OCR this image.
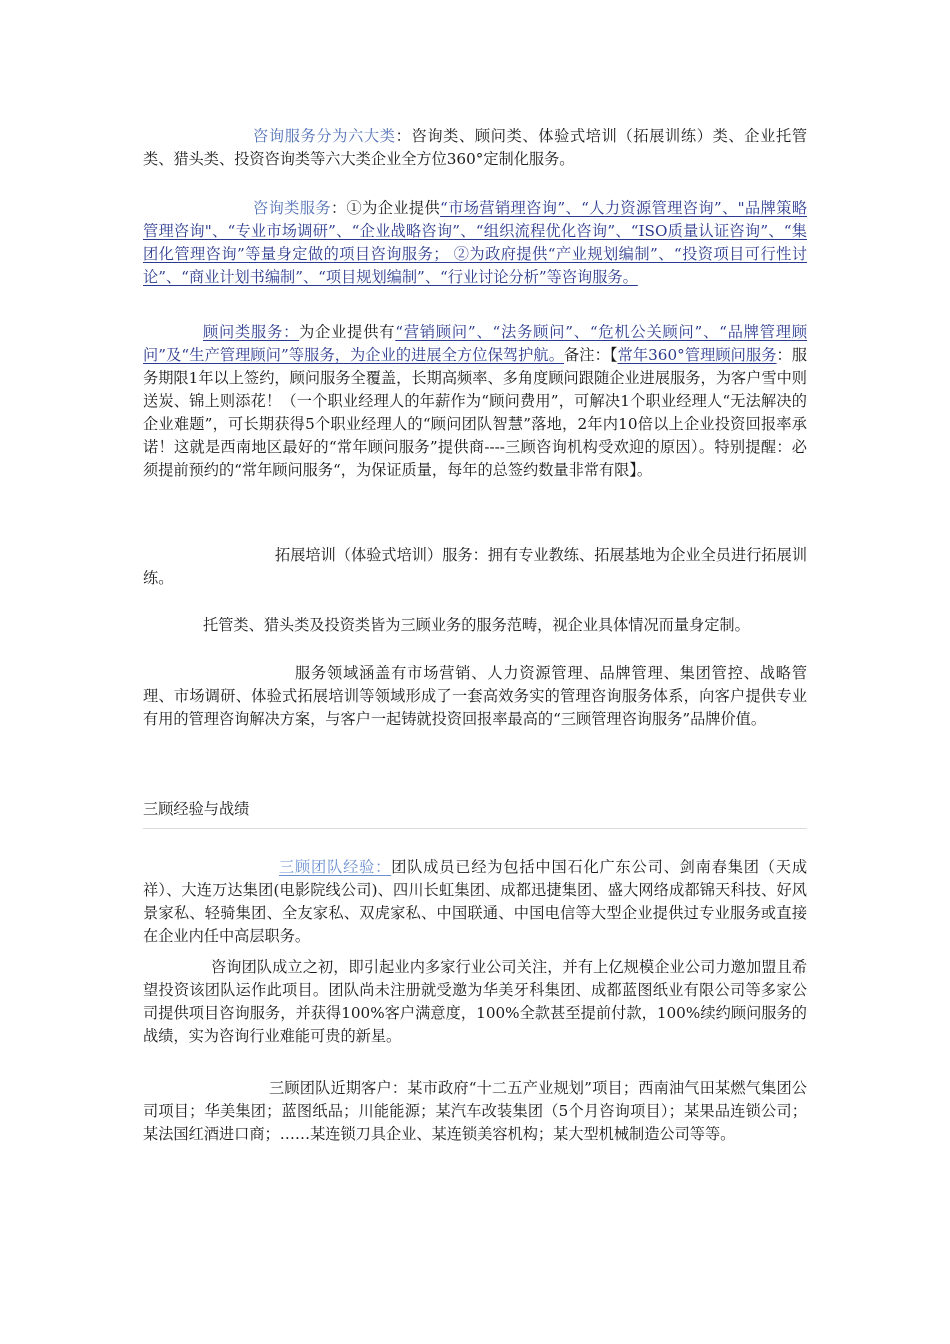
咨询服务分为六大类：咨询类、顾问类、体验式培训（拓展训练）类、企业托管类、猎头类、投资咨询类等六大类企业全方位360°定制化服务。

咨询类服务：①为企业提供“市场营销理咨询”、“人力资源管理咨询”、"品牌策略管理咨询"、“专业市场调研”、“企业战略咨询”、“组织流程优化咨询”、“ISO质量认证咨询”、“集团化管理咨询”等量身定做的项目咨询服务； ②为政府提供“产业规划编制”、“投资项目可行性讨论”、“商业计划书编制”、“项目规划编制”、“行业讨论分析”等咨询服务。

顾问类服务：为企业提供有“营销顾问”、“法务顾问”、“危机公关顾问”、“品牌管理顾问”及“生产管理顾问”等服务，为企业的进展全方位保驾护航。备注：【常年360°管理顾问服务：服务期限1年以上签约，顾问服务全覆盖，长期高频率、多角度顾问跟随企业进展服务，为客户雪中则送炭、锦上则添花！（一个职业经理人的年薪作为“顾问费用”，可解决1个职业经理人“无法解决的企业难题”，可长期获得5个职业经理人的“顾问团队智慧”落地，2年内10倍以上企业投资回报率承诺！这就是西南地区最好的“常年顾问服务”提供商----三顾咨询机构受欢迎的原因）。特别提醒：必须提前预约的“常年顾问服务“，为保证质量，每年的总签约数量非常有限】。

拓展培训（体验式培训）服务：拥有专业教练、拓展基地为企业全员进行拓展训练。

托管类、猎头类及投资类皆为三顾业务的服务范畴，视企业具体情况而量身定制。

服务领域涵盖有市场营销、人力资源管理、品牌管理、集团管控、战略管理、市场调研、体验式拓展培训等领域形成了一套高效务实的管理咨询服务体系，向客户提供专业有用的管理咨询解决方案，与客户一起铸就投资回报率最高的“三顾管理咨询服务”品牌价值。

三顾经验与战绩

三顾团队经验：团队成员已经为包括中国石化广东公司、剑南春集团（天成祥）、大连万达集团(电影院线公司)、四川长虹集团、成都迅捷集团、盛大网络成都锦天科技、好风景家私、轻骑集团、全友家私、双虎家私、中国联通、中国电信等大型企业提供过专业服务或直接在企业内任中高层职务。

咨询团队成立之初，即引起业内多家行业公司关注，并有上亿规模企业公司力邀加盟且希望投资该团队运作此项目。团队尚未注册就受邀为华美牙科集团、成都蓝图纸业有限公司等多家公司提供项目咨询服务，并获得100%客户满意度，100%全款甚至提前付款，100%续约顾问服务的战绩，实为咨询行业难能可贵的新星。

三顾团队近期客户：某市政府“十二五产业规划”项目；西南油气田某燃气集团公司项目；华美集团；蓝图纸品；川能能源；某汽车改装集团（5个月咨询项目）；某果品连锁公司；某法国红酒进口商；……某连锁刀具企业、某连锁美容机构；某大型机械制造公司等等。
